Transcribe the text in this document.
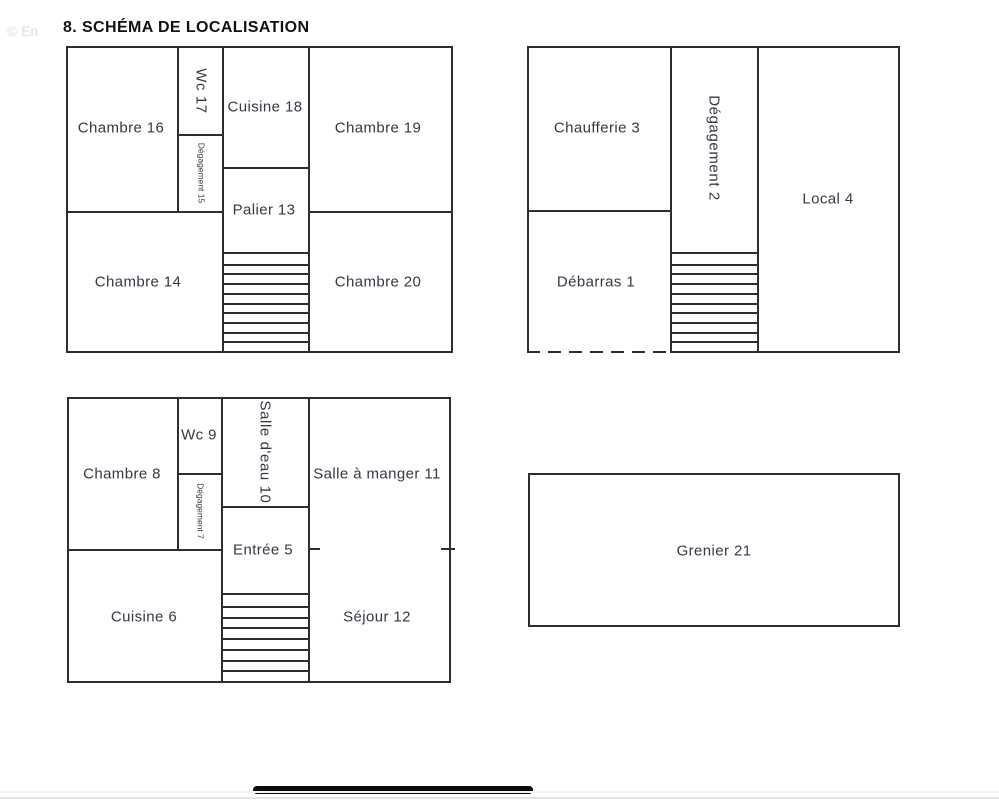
© En 8. SCHÉMA DE LOCALISATION
Chambre 16
Wc 17
Dégagement 15
Cuisine 18
Chambre 19
Palier 13
Chambre 14	Chambre 20
Chaufferie 3	Dégagement 2	Local 4
Débarras 1
Chambre 8
Wc 9
Dégagement 7
Salle d'eau 10	Salle à manger 11
Entrée 5
Cuisine 6	Séjour 12
Grenier 21
